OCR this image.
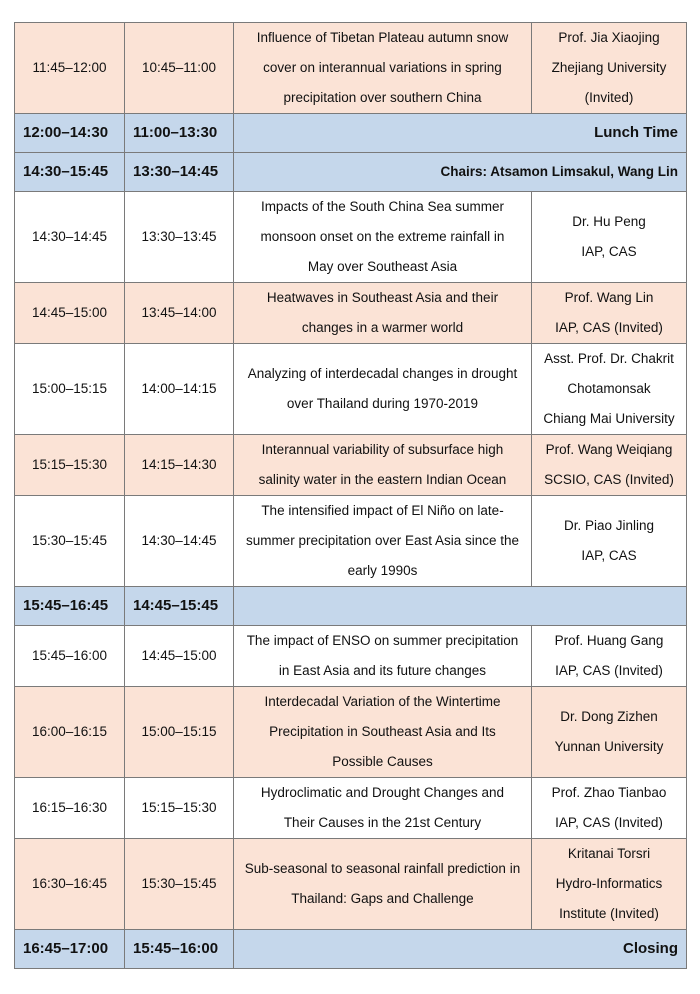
11:45–12:00	10:45–11:00	Influence of Tibetan Plateau autumn snow
cover on interannual variations in spring
precipitation over southern China	Prof. Jia Xiaojing
Zhejiang University
(Invited)

12:00–14:30	11:00–13:30	Lunch Time	
14:30–15:45	13:30–14:45	Chairs: Atsamon Limsakul, Wang Lin	
14:30–14:45	13:30–13:45	Impacts of the South China Sea summer
monsoon onset on the extreme rainfall in
May over Southeast Asia	Dr. Hu Peng
IAP, CAS

14:45–15:00	13:45–14:00	Heatwaves in Southeast Asia and their
changes in a warmer world	Prof. Wang Lin
IAP, CAS (Invited)

15:00–15:15	14:00–14:15	Analyzing of interdecadal changes in drought
over Thailand during 1970-2019	Asst. Prof. Dr. Chakrit
Chotamonsak
Chiang Mai University

15:15–15:30	14:15–14:30	Interannual variability of subsurface high
salinity water in the eastern Indian Ocean	Prof. Wang Weiqiang
SCSIO, CAS (Invited)

15:30–15:45	14:30–14:45	The intensified impact of El Niño on late-
summer precipitation over East Asia since the
early 1990s	Dr. Piao Jinling
IAP, CAS

15:45–16:45	14:45–15:45		
15:45–16:00	14:45–15:00	The impact of ENSO on summer precipitation
in East Asia and its future changes	Prof. Huang Gang
IAP, CAS (Invited)

16:00–16:15	15:00–15:15	Interdecadal Variation of the Wintertime
Precipitation in Southeast Asia and Its
Possible Causes	Dr. Dong Zizhen
Yunnan University

16:15–16:30	15:15–15:30	Hydroclimatic and Drought Changes and
Their Causes in the 21st Century	Prof. Zhao Tianbao
IAP, CAS (Invited)

16:30–16:45	15:30–15:45	Sub-seasonal to seasonal rainfall prediction in
Thailand: Gaps and Challenge	Kritanai Torsri
Hydro-Informatics
Institute (Invited)

16:45–17:00	15:45–16:00	Closing	
